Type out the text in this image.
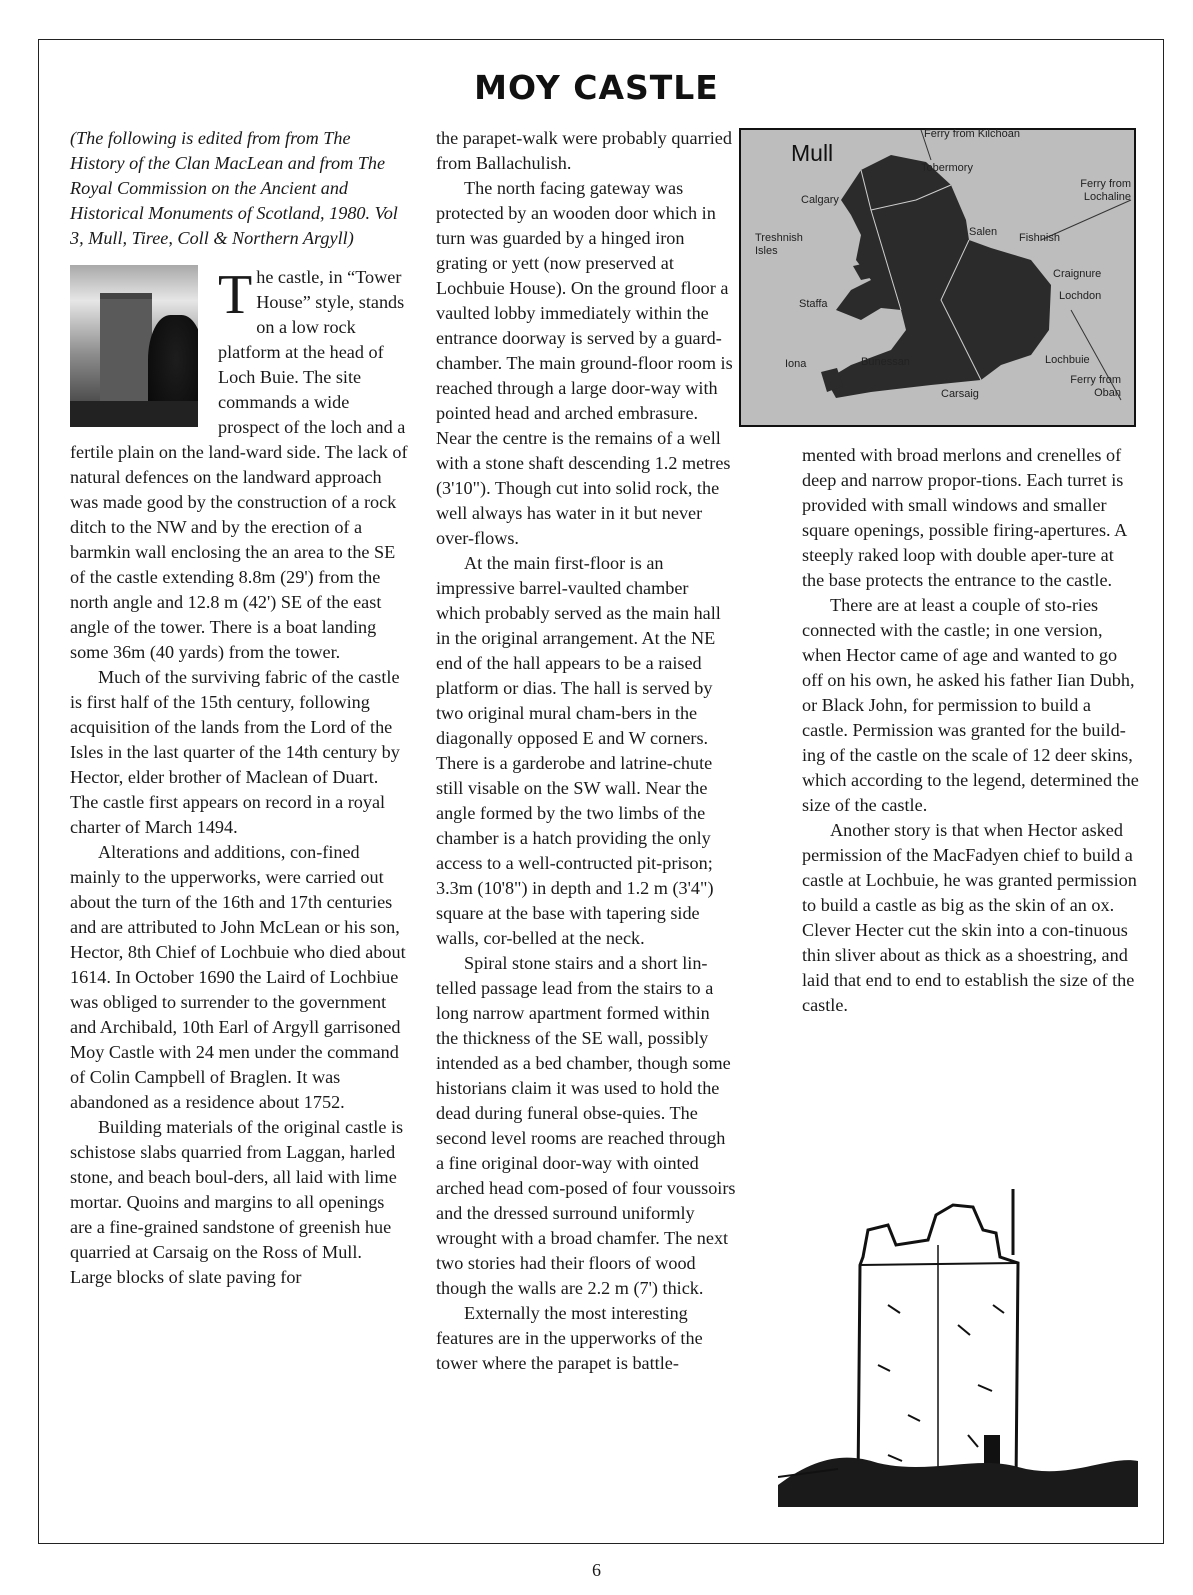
MOY CASTLE

(The following is edited from from The History of the Clan MacLean and from The Royal Commission on the Ancient and Historical Monuments of Scotland, 1980. Vol 3, Mull, Tiree, Coll & Northern Argyll)

The castle, in “Tower House” style, stands on a low rock platform at the head of Loch Buie. The site commands a wide prospect of the loch and a fertile plain on the land-ward side. The lack of natural defences on the landward approach was made good by the construction of a rock ditch to the NW and by the erection of a barmkin wall enclosing the an area to the SE of the castle extending 8.8m (29') from the north angle and 12.8 m (42') SE of the east angle of the tower. There is a boat landing some 36m (40 yards) from the tower.

Much of the surviving fabric of the castle is first half of the 15th century, following acquisition of the lands from the Lord of the Isles in the last quarter of the 14th century by Hector, elder brother of Maclean of Duart. The castle first appears on record in a royal charter of March 1494.

Alterations and additions, con-fined mainly to the upperworks, were carried out about the turn of the 16th and 17th centuries and are attributed to John McLean or his son, Hector, 8th Chief of Lochbuie who died about 1614. In October 1690 the Laird of Lochbiue was obliged to surrender to the government and Archibald, 10th Earl of Argyll garrisoned Moy Castle with 24 men under the command of Colin Campbell of Braglen. It was abandoned as a residence about 1752.

Building materials of the original castle is schistose slabs quarried from Laggan, harled stone, and beach boul-ders, all laid with lime mortar. Quoins and margins to all openings are a fine-grained sandstone of greenish hue quarried at Carsaig on the Ross of Mull. Large blocks of slate paving for

the parapet-walk were probably quarried from Ballachulish.

The north facing gateway was protected by an wooden door which in turn was guarded by a hinged iron grating or yett (now preserved at Lochbuie House). On the ground floor a vaulted lobby immediately within the entrance doorway is served by a guard-chamber. The main ground-floor room is reached through a large door-way with pointed head and arched embrasure. Near the centre is the remains of a well with a stone shaft descending 1.2 metres (3'10"). Though cut into solid rock, the well always has water in it but never over-flows.

At the main first-floor is an impressive barrel-vaulted chamber which probably served as the main hall in the original arrangement. At the NE end of the hall appears to be a raised platform or dias. The hall is served by two original mural cham-bers in the diagonally opposed E and W corners. There is a garderobe and latrine-chute still visable on the SW wall. Near the angle formed by the two limbs of the chamber is a hatch providing the only access to a well-contructed pit-prison; 3.3m (10'8") in depth and 1.2 m (3'4") square at the base with tapering side walls, cor-belled at the neck.

Spiral stone stairs and a short lin-telled passage lead from the stairs to a long narrow apartment formed within the thickness of the SE wall, possibly intended as a bed chamber, though some historians claim it was used to hold the dead during funeral obse-quies. The second level rooms are reached through a fine original door-way with ointed arched head com-posed of four voussoirs and the dressed surround uniformly wrought with a broad chamfer. The next two stories had their floors of wood though the walls are 2.2 m (7') thick.

Externally the most interesting features are in the upperworks of the tower where the parapet is battle-

Mull
Ferry from Kilchoan
Tobermory
Ferry from Lochaline
Calgary
Treshnish Isles
Salen Fishnish
Craignure
Lochdon
Staffa
Iona	Bunessan	Lochbuie
Ferry from Oban
Carsaig

mented with broad merlons and crenelles of deep and narrow propor-tions. Each turret is provided with small windows and smaller square openings, possible firing-apertures. A steeply raked loop with double aper-ture at the base protects the entrance to the castle.

There are at least a couple of sto-ries connected with the castle; in one version, when Hector came of age and wanted to go off on his own, he asked his father Iian Dubh, or Black John, for permission to build a castle. Permission was granted for the build-ing of the castle on the scale of 12 deer skins, which according to the legend, determined the size of the castle.

Another story is that when Hector asked permission of the MacFadyen chief to build a castle at Lochbuie, he was granted permission to build a castle as big as the skin of an ox. Clever Hecter cut the skin into a con-tinuous thin sliver about as thick as a shoestring, and laid that end to end to establish the size of the castle.

6
